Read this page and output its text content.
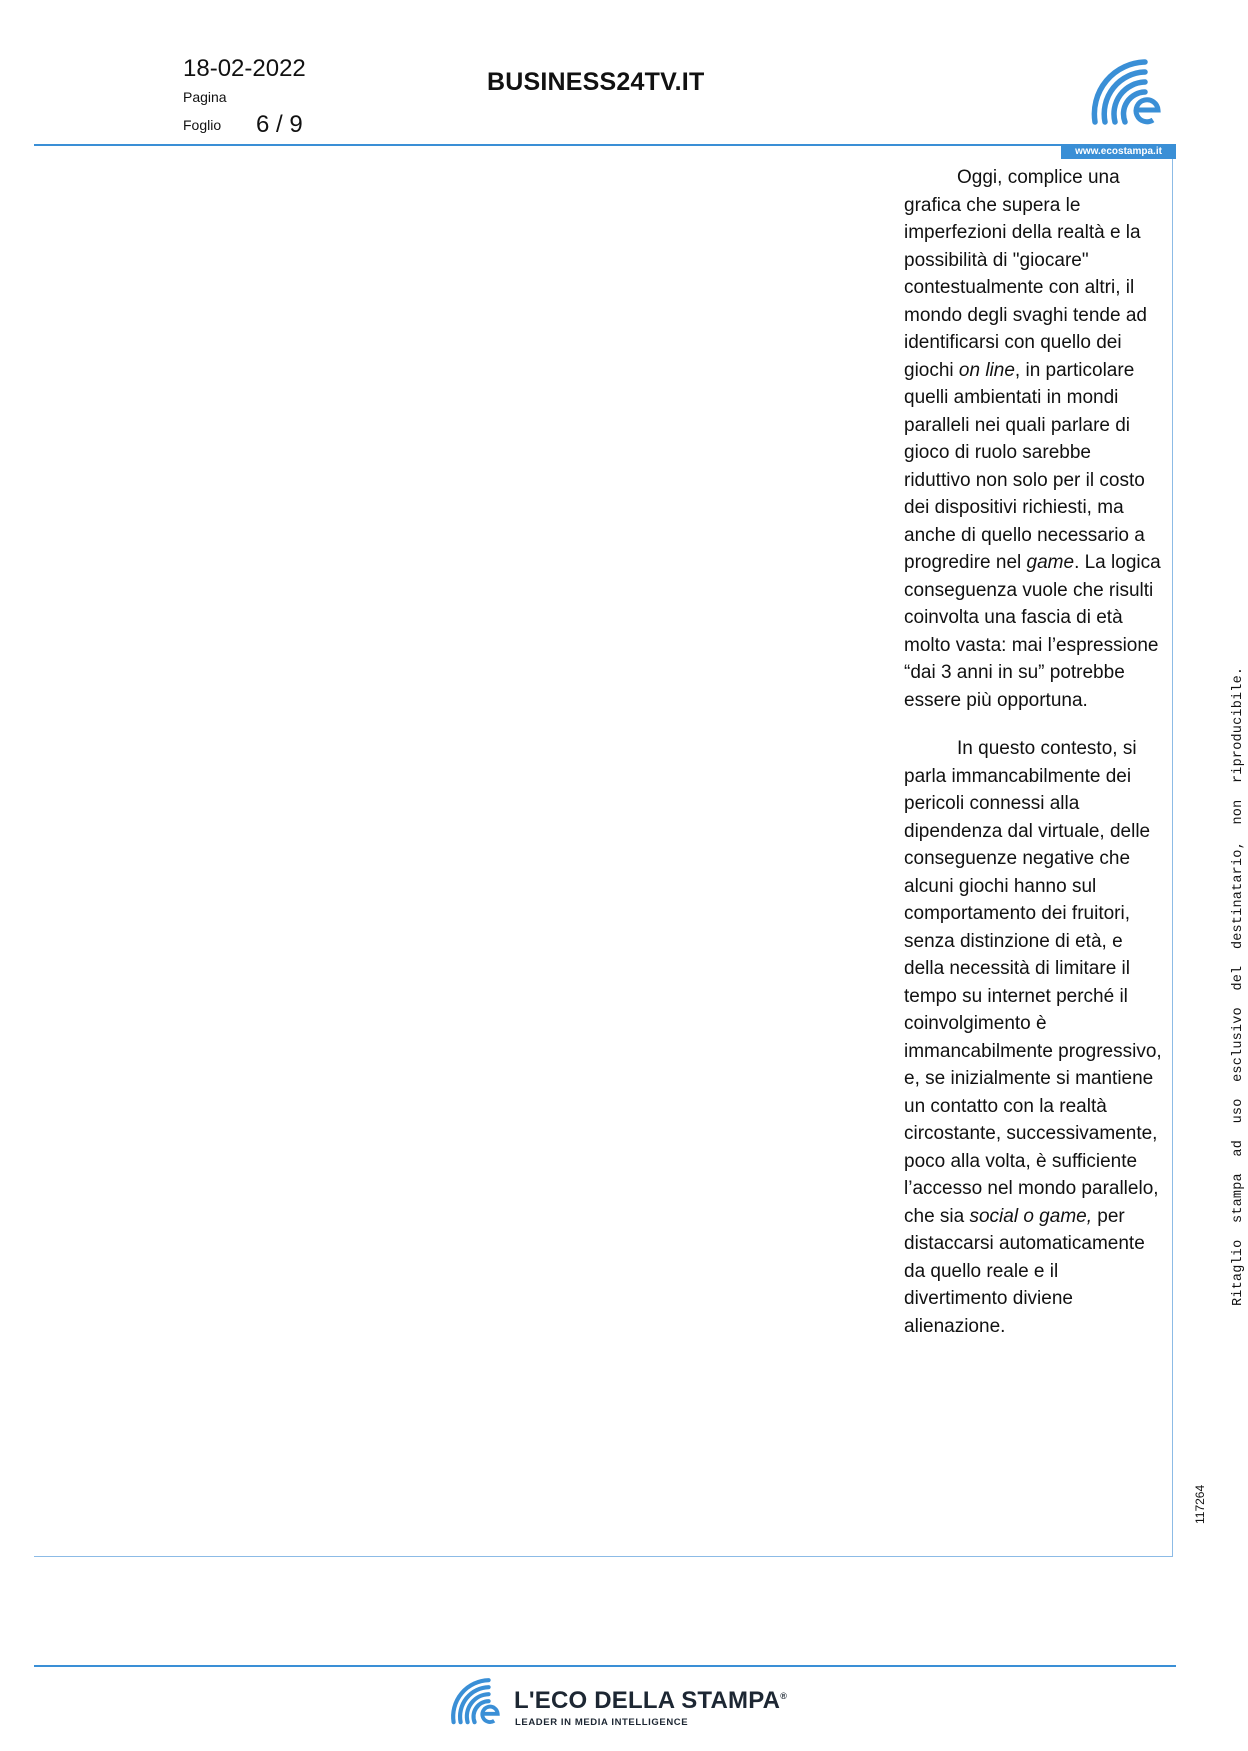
18-02-2022
Pagina
Foglio 6 / 9
BUSINESS24TV.IT
www.ecostampa.it

Oggi, complice una grafica che supera le imperfezioni della realtà e la possibilità di "giocare" contestualmente con altri, il mondo degli svaghi tende ad identificarsi con quello dei giochi on line, in particolare quelli ambientati in mondi paralleli nei quali parlare di gioco di ruolo sarebbe riduttivo non solo per il costo dei dispositivi richiesti, ma anche di quello necessario a progredire nel game. La logica conseguenza vuole che risulti coinvolta una fascia di età molto vasta: mai l’espressione “dai 3 anni in su” potrebbe essere più opportuna.

In questo contesto, si parla immancabilmente dei pericoli connessi alla dipendenza dal virtuale, delle conseguenze negative che alcuni giochi hanno sul comportamento dei fruitori, senza distinzione di età, e della necessità di limitare il tempo su internet perché il coinvolgimento è immancabilmente progressivo, e, se inizialmente si mantiene un contatto con la realtà circostante, successivamente, poco alla volta, è sufficiente l’accesso nel mondo parallelo, che sia social o game, per distaccarsi automaticamente da quello reale e il divertimento diviene alienazione.

Ritaglio  stampa  ad  uso  esclusivo  del  destinatario,  non  riproducibile.
117264
L'ECO DELLA STAMPA®
LEADER IN MEDIA INTELLIGENCE
